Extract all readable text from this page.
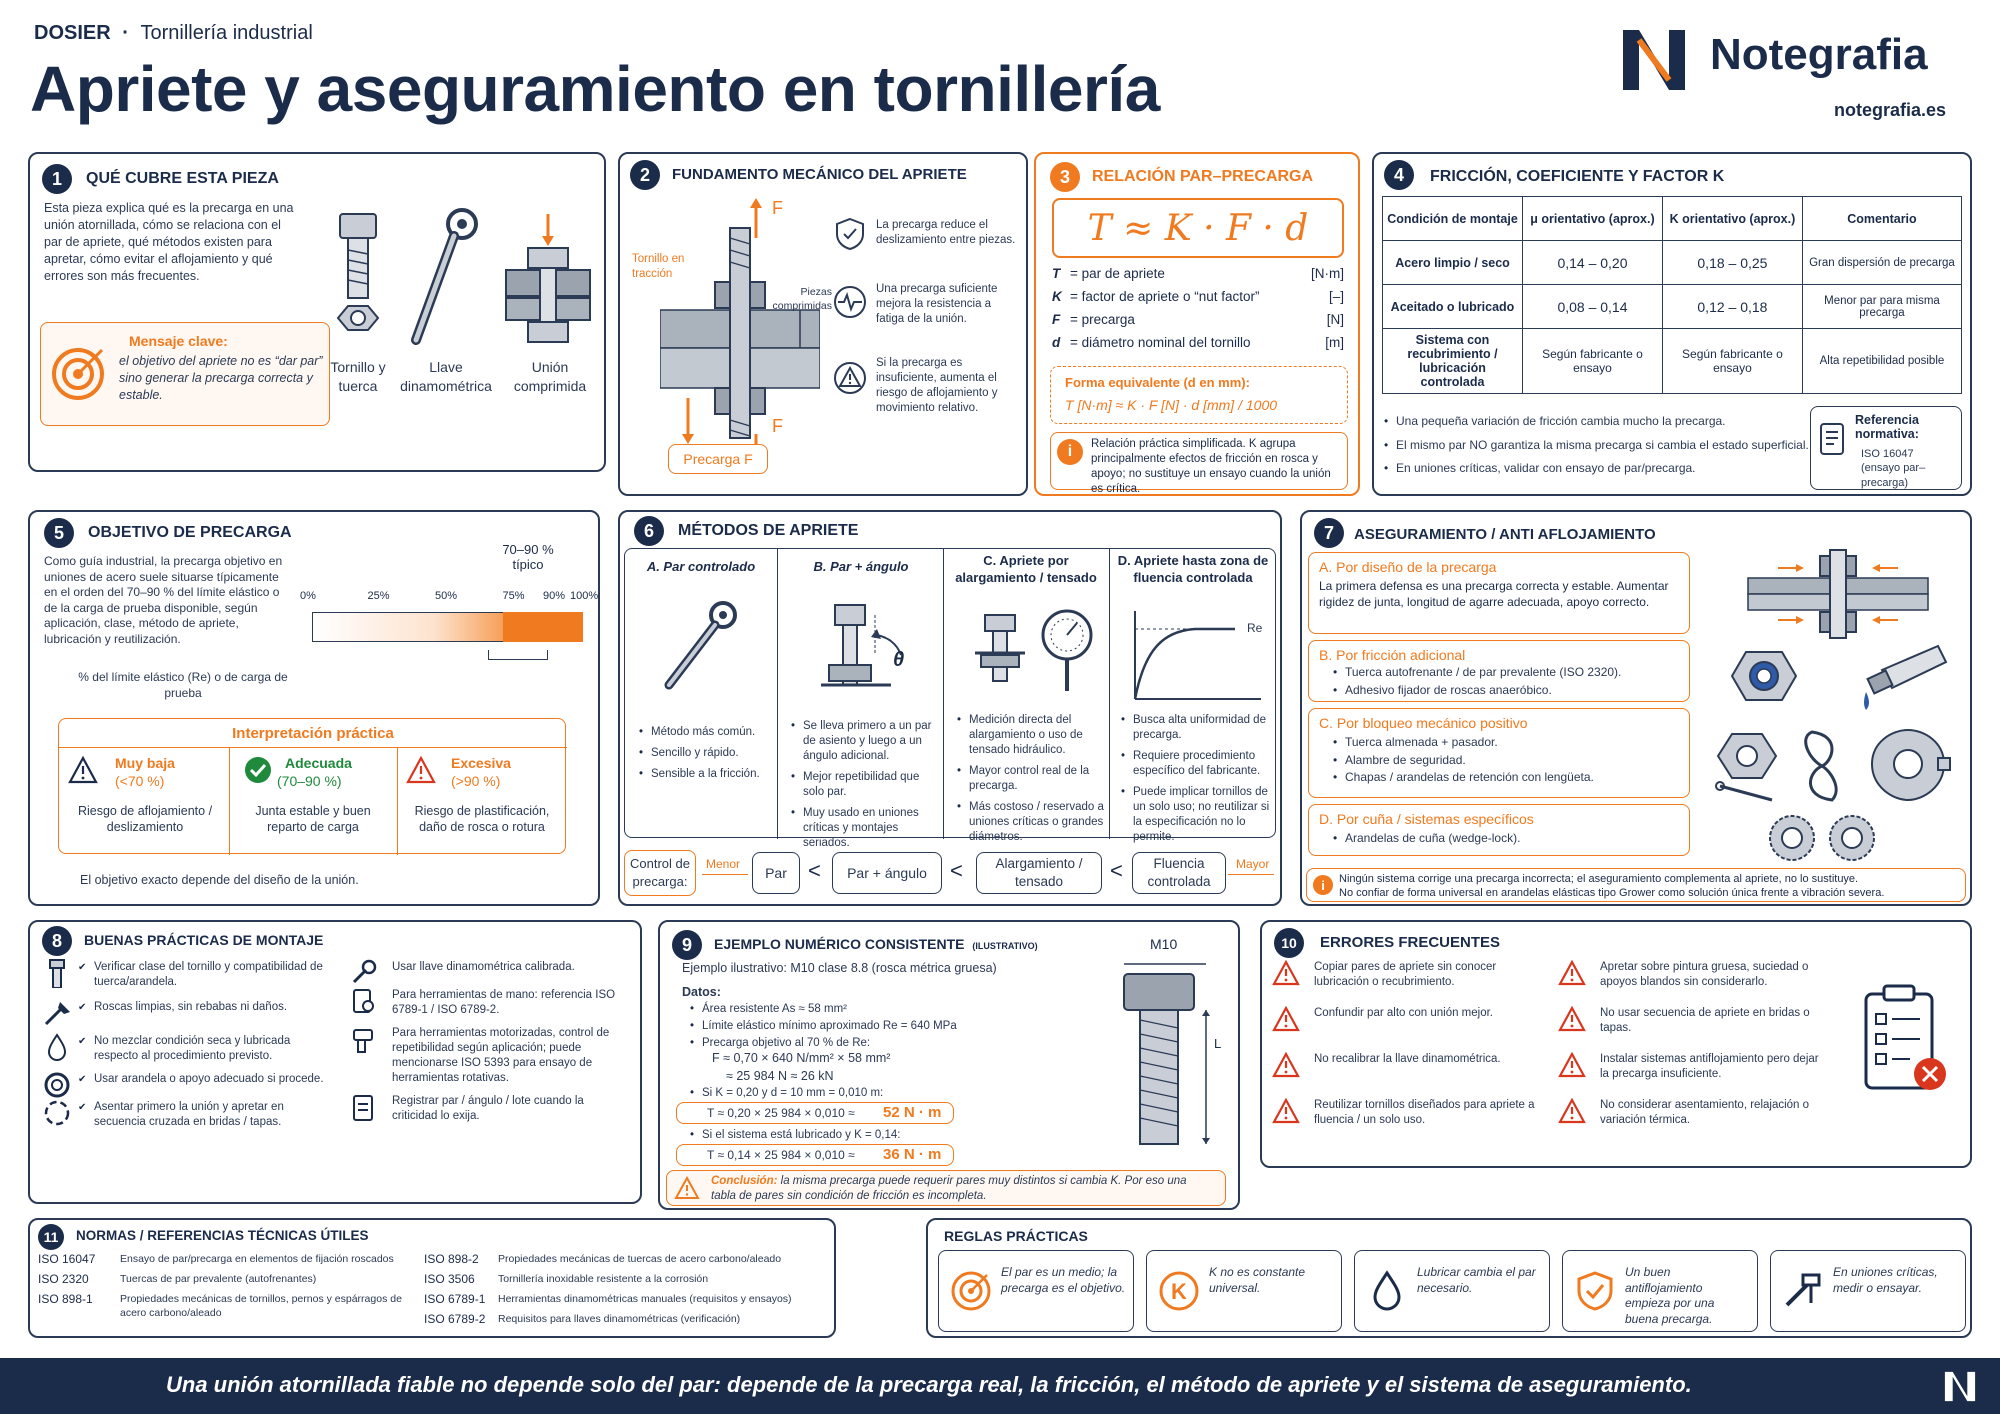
DOSIER · Tornillería industrial
Apriete y aseguramiento en tornillería	Notegrafia
notegrafia.es
1	QUÉ CUBRE ESTA PIEZA
Esta pieza explica qué es la precarga en una unión atornillada, cómo se relaciona con el par de apriete, qué métodos existen para apretar, cómo evitar el aflojamiento y qué errores son más frecuentes.
Mensaje clave:
el objetivo del apriete no es “dar par” sino generar la precarga correcta y estable.
Tornillo y tuerca
Llave dinamométrica
Unión comprimida
2	FUNDAMENTO MECÁNICO DEL APRIETE
Tornillo en tracción
Piezas comprimidas
F
F
Precarga F
La precarga reduce el deslizamiento entre piezas.
Una precarga suficiente mejora la resistencia a fatiga de la unión.
Si la precarga es insuficiente, aumenta el riesgo de aflojamiento y movimiento relativo.
3	RELACIÓN PAR–PRECARGA
T ≈ K · F · d
T = par de apriete	[N·m]
K = factor de apriete o “nut factor”	[–]
F = precarga	[N]
d = diámetro nominal del tornillo	[m]
Forma equivalente (d en mm):
T [N·m] ≈ K · F [N] · d [mm] / 1000
i	Relación práctica simplificada. K agrupa principalmente efectos de fricción en rosca y apoyo; no sustituye un ensayo cuando la unión es crítica.
4	FRICCIÓN, COEFICIENTE Y FACTOR K
Condición de montaje	μ orientativo (aprox.)	K orientativo (aprox.)	Comentario
Acero limpio / seco	0,14 – 0,20	0,18 – 0,25	Gran dispersión de precarga
Aceitado o lubricado	0,08 – 0,14	0,12 – 0,18	Menor par para misma precarga
Sistema con recubrimiento / lubricación controlada	Según fabricante o ensayo	Según fabricante o ensayo	Alta repetibilidad posible
• Una pequeña variación de fricción cambia mucho la precarga.
• El mismo par NO garantiza la misma precarga si cambia el estado superficial.
• En uniones críticas, validar con ensayo de par/precarga.
Referencia normativa:
ISO 16047 (ensayo par–precarga)
5	OBJETIVO DE PRECARGA
Como guía industrial, la precarga objetivo en uniones de acero suele situarse típicamente en el orden del 70–90 % del límite elástico o de la carga de prueba disponible, según aplicación, clase, método de apriete, lubricación y reutilización.
70–90 %
típico
0%	25%	50%	75% 90% 100%
% del límite elástico (Re) o de carga de prueba
Interpretación práctica
Muy baja
(<70 %)
Riesgo de aflojamiento / deslizamiento
Adecuada
(70–90 %)
Junta estable y buen reparto de carga
Excesiva
(>90 %)
Riesgo de plastificación, daño de rosca o rotura
El objetivo exacto depende del diseño de la unión.
6	MÉTODOS DE APRIETE
A. Par controlado
• Método más común.
• Sencillo y rápido.
• Sensible a la fricción.
B. Par + ángulo
θ
• Se lleva primero a un par de asiento y luego a un ángulo adicional.
• Mejor repetibilidad que solo par.
• Muy usado en uniones críticas y montajes seriados.
C. Apriete por alargamiento / tensado
• Medición directa del alargamiento o uso de tensado hidráulico.
• Mayor control real de la precarga.
• Más costoso / reservado a uniones críticas o grandes diámetros.
D. Apriete hasta zona de fluencia controlada
Re
• Busca alta uniformidad de precarga.
• Requiere procedimiento específico del fabricante.
• Puede implicar tornillos de un solo uso; no reutilizar si la especificación no lo permite.
Control de precarga:
Menor
Par < Par + ángulo <	Alargamiento / tensado	<	Fluencia controlada
Mayor
7	ASEGURAMIENTO / ANTI AFLOJAMIENTO
A. Por diseño de la precarga
La primera defensa es una precarga correcta y estable. Aumentar rigidez de junta, longitud de agarre adecuada, apoyo correcto.
B. Por fricción adicional
• Tuerca autofrenante / de par prevalente (ISO 2320).
• Adhesivo fijador de roscas anaeróbico.
C. Por bloqueo mecánico positivo
• Tuerca almenada + pasador.
• Alambre de seguridad.
• Chapas / arandelas de retención con lengüeta.
D. Por cuña / sistemas específicos
• Arandelas de cuña (wedge-lock).
i	Ningún sistema corrige una precarga incorrecta; el aseguramiento complementa al apriete, no lo sustituye.
No confiar de forma universal en arandelas elásticas tipo Grower como solución única frente a vibración severa.
8	BUENAS PRÁCTICAS DE MONTAJE
✔ Verificar clase del tornillo y compatibilidad de tuerca/arandela.
✔ Roscas limpias, sin rebabas ni daños.
✔ No mezclar condición seca y lubricada respecto al procedimiento previsto.
✔ Usar arandela o apoyo adecuado si procede.
✔ Asentar primero la unión y apretar en secuencia cruzada en bridas / tapas.
Usar llave dinamométrica calibrada.
Para herramientas de mano: referencia ISO 6789-1 / ISO 6789-2.
Para herramientas motorizadas, control de repetibilidad según aplicación; puede mencionarse ISO 5393 para ensayo de herramientas rotativas.
Registrar par / ángulo / lote cuando la criticidad lo exija.
9	EJEMPLO NUMÉRICO CONSISTENTE (ILUSTRATIVO)
Ejemplo ilustrativo: M10 clase 8.8 (rosca métrica gruesa)
Datos:
• Área resistente As ≈ 58 mm²
• Límite elástico mínimo aproximado Re = 640 MPa
• Precarga objetivo al 70 % de Re:
F ≈ 0,70 × 640 N/mm² × 58 mm²
≈ 25 984 N ≈ 26 kN
• Si K = 0,20 y d = 10 mm = 0,010 m:
T ≈ 0,20 × 25 984 × 0,010 ≈ 52 N · m
• Si el sistema está lubricado y K = 0,14:
T ≈ 0,14 × 25 984 × 0,010 ≈ 36 N · m
Conclusión: la misma precarga puede requerir pares muy distintos si cambia K. Por eso una tabla de pares sin condición de fricción es incompleta.
M10
L
10	ERRORES FRECUENTES
Copiar pares de apriete sin conocer lubricación o recubrimiento.
Confundir par alto con unión mejor.
No recalibrar la llave dinamométrica.
Reutilizar tornillos diseñados para apriete a fluencia / un solo uso.
Apretar sobre pintura gruesa, suciedad o apoyos blandos sin considerarlo.
No usar secuencia de apriete en bridas o tapas.
Instalar sistemas antiflojamiento pero dejar la precarga insuficiente.
No considerar asentamiento, relajación o variación térmica.
11	NORMAS / REFERENCIAS TÉCNICAS ÚTILES
ISO 16047 Ensayo de par/precarga en elementos de fijación roscados
ISO 2320	Tuercas de par prevalente (autofrenantes)
ISO 898-1	Propiedades mecánicas de tornillos, pernos y espárragos de acero carbono/aleado
ISO 898-2 Propiedades mecánicas de tuercas de acero carbono/aleado
ISO 3506 Tornillería inoxidable resistente a la corrosión
ISO 6789-1 Herramientas dinamométricas manuales (requisitos y ensayos)
ISO 6789-2 Requisitos para llaves dinamométricas (verificación)
REGLAS PRÁCTICAS
El par es un medio; la precarga es el objetivo. K
K no es constante universal.
Lubricar cambia el par necesario.
Un buen antiflojamiento empieza por una buena precarga.
En uniones críticas, medir o ensayar.
Una unión atornillada fiable no depende solo del par: depende de la precarga real, la fricción, el método de apriete y el sistema de aseguramiento.
